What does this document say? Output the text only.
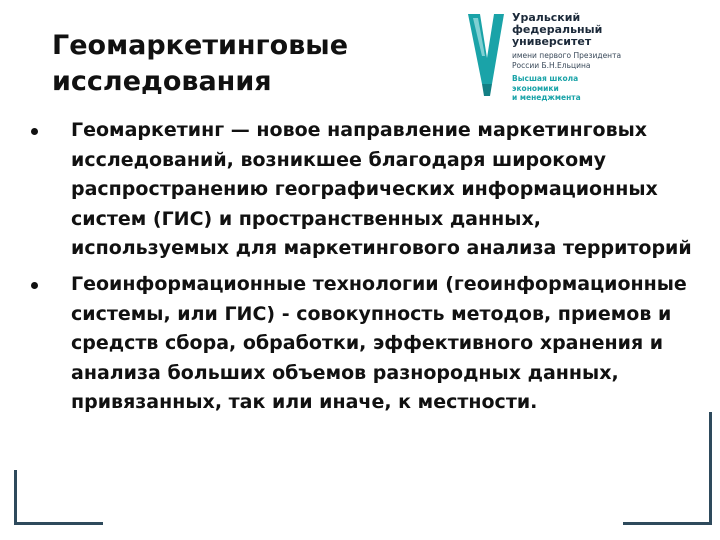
Геомаркетинговые
исследования
Уральский
федеральный
университет
имени первого Президента
России Б.Н.Ельцина
Высшая школа
экономики
и менеджмента
Геомаркетинг — новое направление маркетинговых исследований, возникшее благодаря широкому распространению географических информационных систем (ГИС) и пространственных данных, используемых для маркетингового анализа территорий
Геоинформационные технологии (геоинформационные системы, или ГИС) - совокупность методов, приемов и средств сбора, обработки, эффективного хранения и анализа больших объемов разнородных данных, привязанных, так или иначе, к местности.
